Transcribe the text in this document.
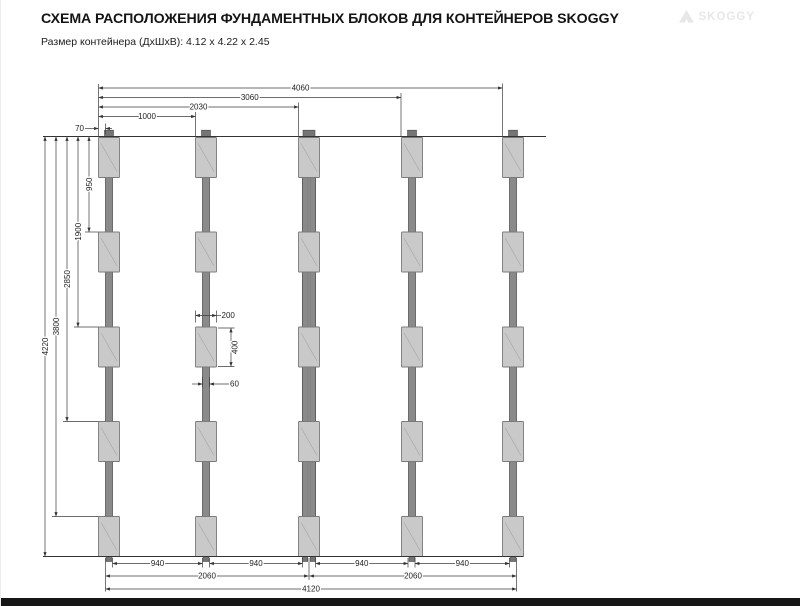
СХЕМА РАСПОЛОЖЕНИЯ ФУНДАМЕНТНЫХ БЛОКОВ ДЛЯ КОНТЕЙНЕРОВ SKOGGY

Размер контейнера (ДхШхВ): 4.12 х 4.22 х 2.45

SKOGGY
4060
3060
2030
1000
940	940	940	940
2060	2060
4120
950
1900
2850
3800
4220
200
400
70
60
